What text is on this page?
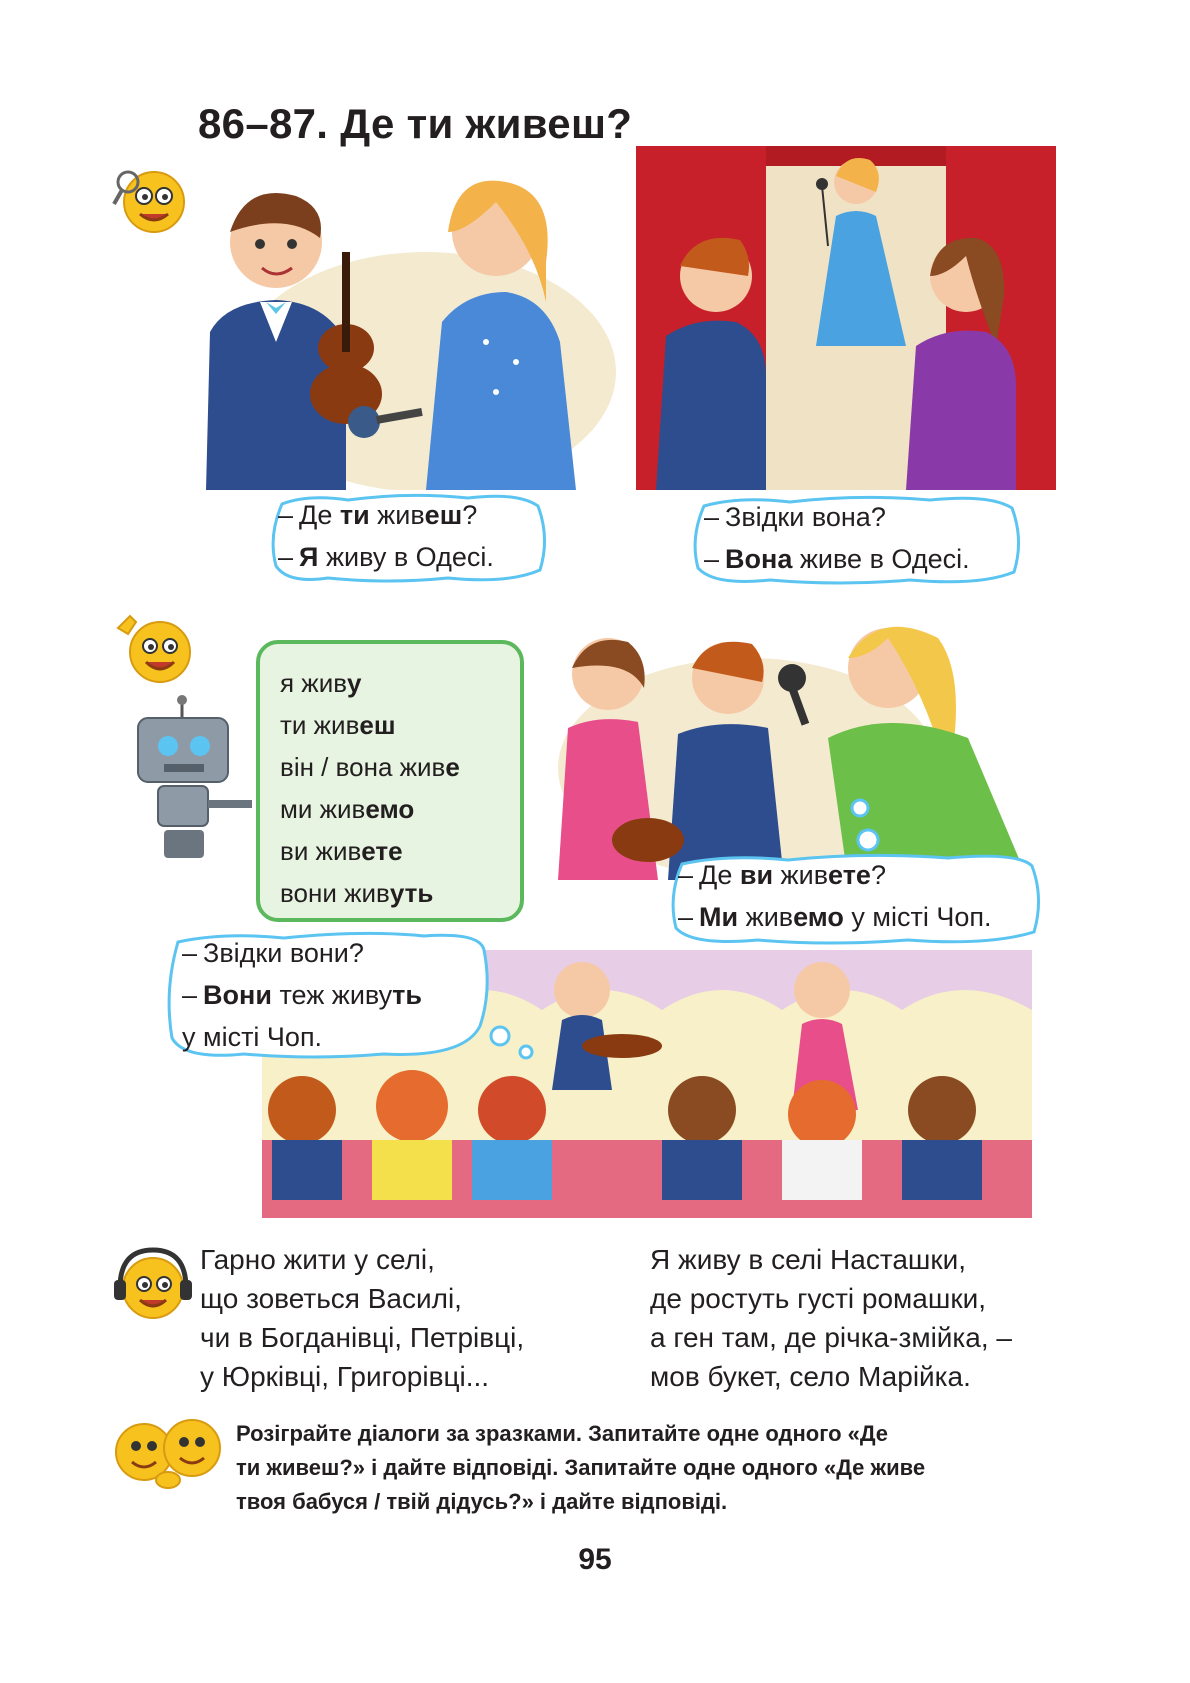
86–87. Де ти живеш?
– Де ти живеш?
– Я живу в Одесі.
– Звідки вона?
– Вона живе в Одесі.
я живу
ти живеш
він / вона живе
ми живемо
ви живете
вони живуть
– Де ви живете?
– Ми живемо у місті Чоп.
– Звідки вони?
– Вони теж живуть
у місті Чоп.
Гарно жити у селі,
що зоветься Василі,
чи в Богданівці, Петрівці,
у Юрківці, Григорівці...
Я живу в селі Насташки,
де ростуть густі ромашки,
а ген там, де річка-змійка, –
мов букет, село Марійка.
Розіграйте діалоги за зразками. Запитайте одне одного «Де
ти живеш?» і дайте відповіді. Запитайте одне одного «Де живе
твоя бабуся / твій дідусь?» і дайте відповіді.
95
